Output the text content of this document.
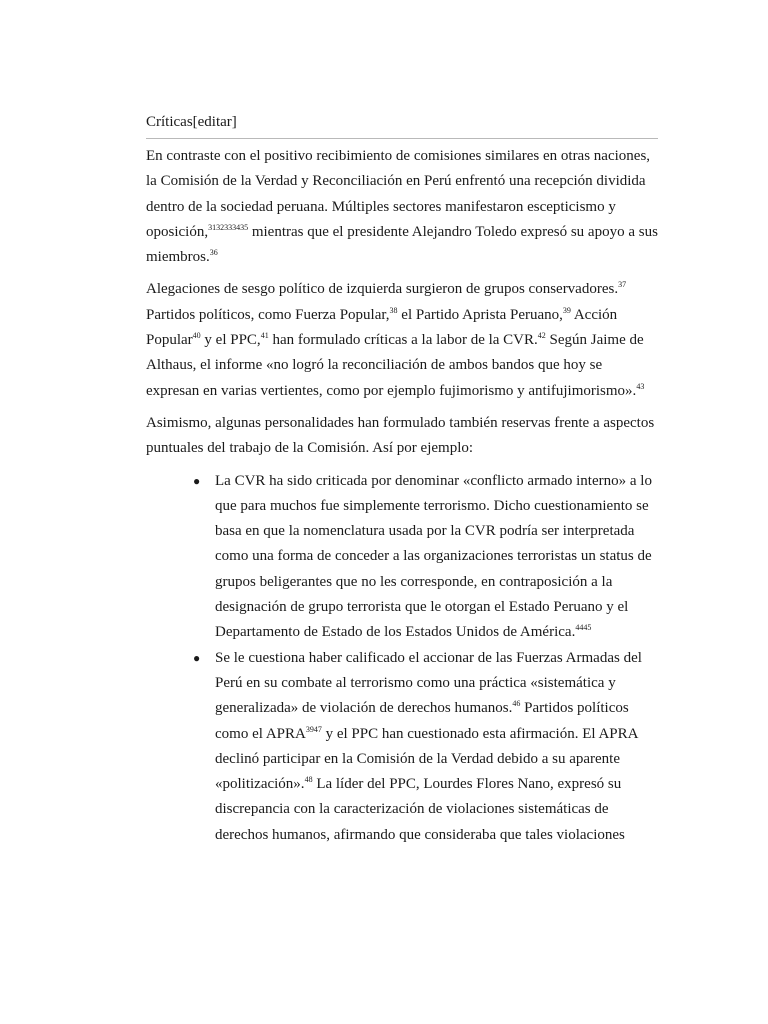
Críticas[editar]

En contraste con el positivo recibimiento de comisiones similares en otras naciones, la Comisión de la Verdad y Reconciliación en Perú enfrentó una recepción dividida dentro de la sociedad peruana. Múltiples sectores manifestaron escepticismo y oposición,$^{3132333435}$ mientras que el presidente Alejandro Toledo expresó su apoyo a sus miembros.$^{36}$

Alegaciones de sesgo político de izquierda surgieron de grupos conservadores.$^{37}$ Partidos políticos, como Fuerza Popular,$^{38}$ el Partido Aprista Peruano,$^{39}$ Acción Popular$^{40}$ y el PPC,$^{41}$ han formulado críticas a la labor de la CVR.$^{42}$ Según Jaime de Althaus, el informe «no logró la reconciliación de ambos bandos que hoy se expresan en varias vertientes, como por ejemplo fujimorismo y antifujimorismo».$^{43}$

Asimismo, algunas personalidades han formulado también reservas frente a aspectos puntuales del trabajo de la Comisión. Así por ejemplo:

● La CVR ha sido criticada por denominar «conflicto armado interno» a lo que para muchos fue simplemente terrorismo. Dicho cuestionamiento se basa en que la nomenclatura usada por la CVR podría ser interpretada como una forma de conceder a las organizaciones terroristas un status de grupos beligerantes que no les corresponde, en contraposición a la designación de grupo terrorista que le otorgan el Estado Peruano y el Departamento de Estado de los Estados Unidos de América.$^{4445}$
● Se le cuestiona haber calificado el accionar de las Fuerzas Armadas del Perú en su combate al terrorismo como una práctica «sistemática y generalizada» de violación de derechos humanos.$^{46}$ Partidos políticos como el $APRA^{3947}$ y el PPC han cuestionado esta afirmación. El APRA declinó participar en la Comisión de la Verdad debido a su aparente «politización».$^{48}$ La líder del PPC, Lourdes Flores Nano, expresó su discrepancia con la caracterización de violaciones sistemáticas de derechos humanos, afirmando que consideraba que tales violaciones
